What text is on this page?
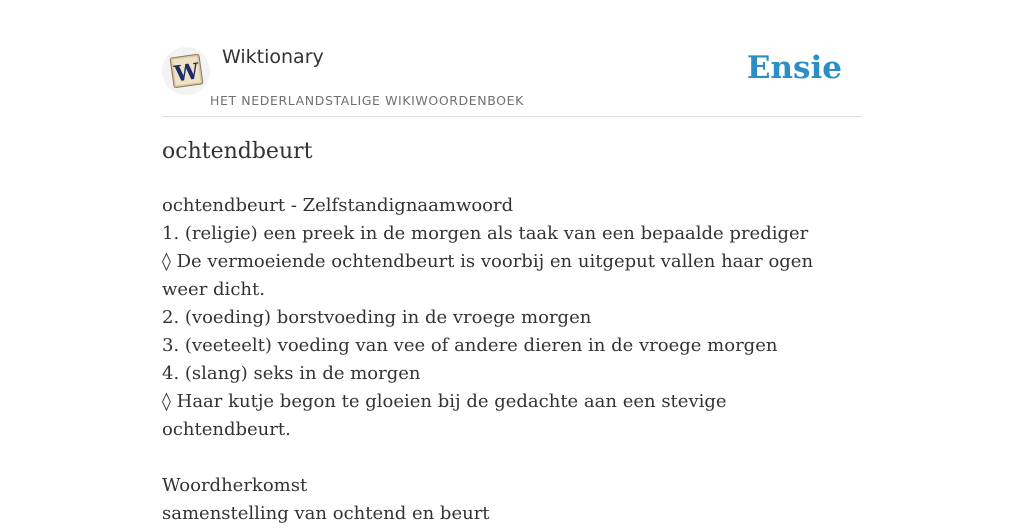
W
Wiktionary
HET NEDERLANDSTALIGE WIKIWOORDENBOEK
Ensie
ochtendbeurt
ochtendbeurt - Zelfstandignaamwoord
1. (religie) een preek in de morgen als taak van een bepaalde prediger
◊ De vermoeiende ochtendbeurt is voorbij en uitgeput vallen haar ogen weer dicht.
2. (voeding) borstvoeding in de vroege morgen
3. (veeteelt) voeding van vee of andere dieren in de vroege morgen
4. (slang) seks in de morgen
◊ Haar kutje begon te gloeien bij de gedachte aan een stevige ochtendbeurt.
Woordherkomst
samenstelling van ochtend en beurt
